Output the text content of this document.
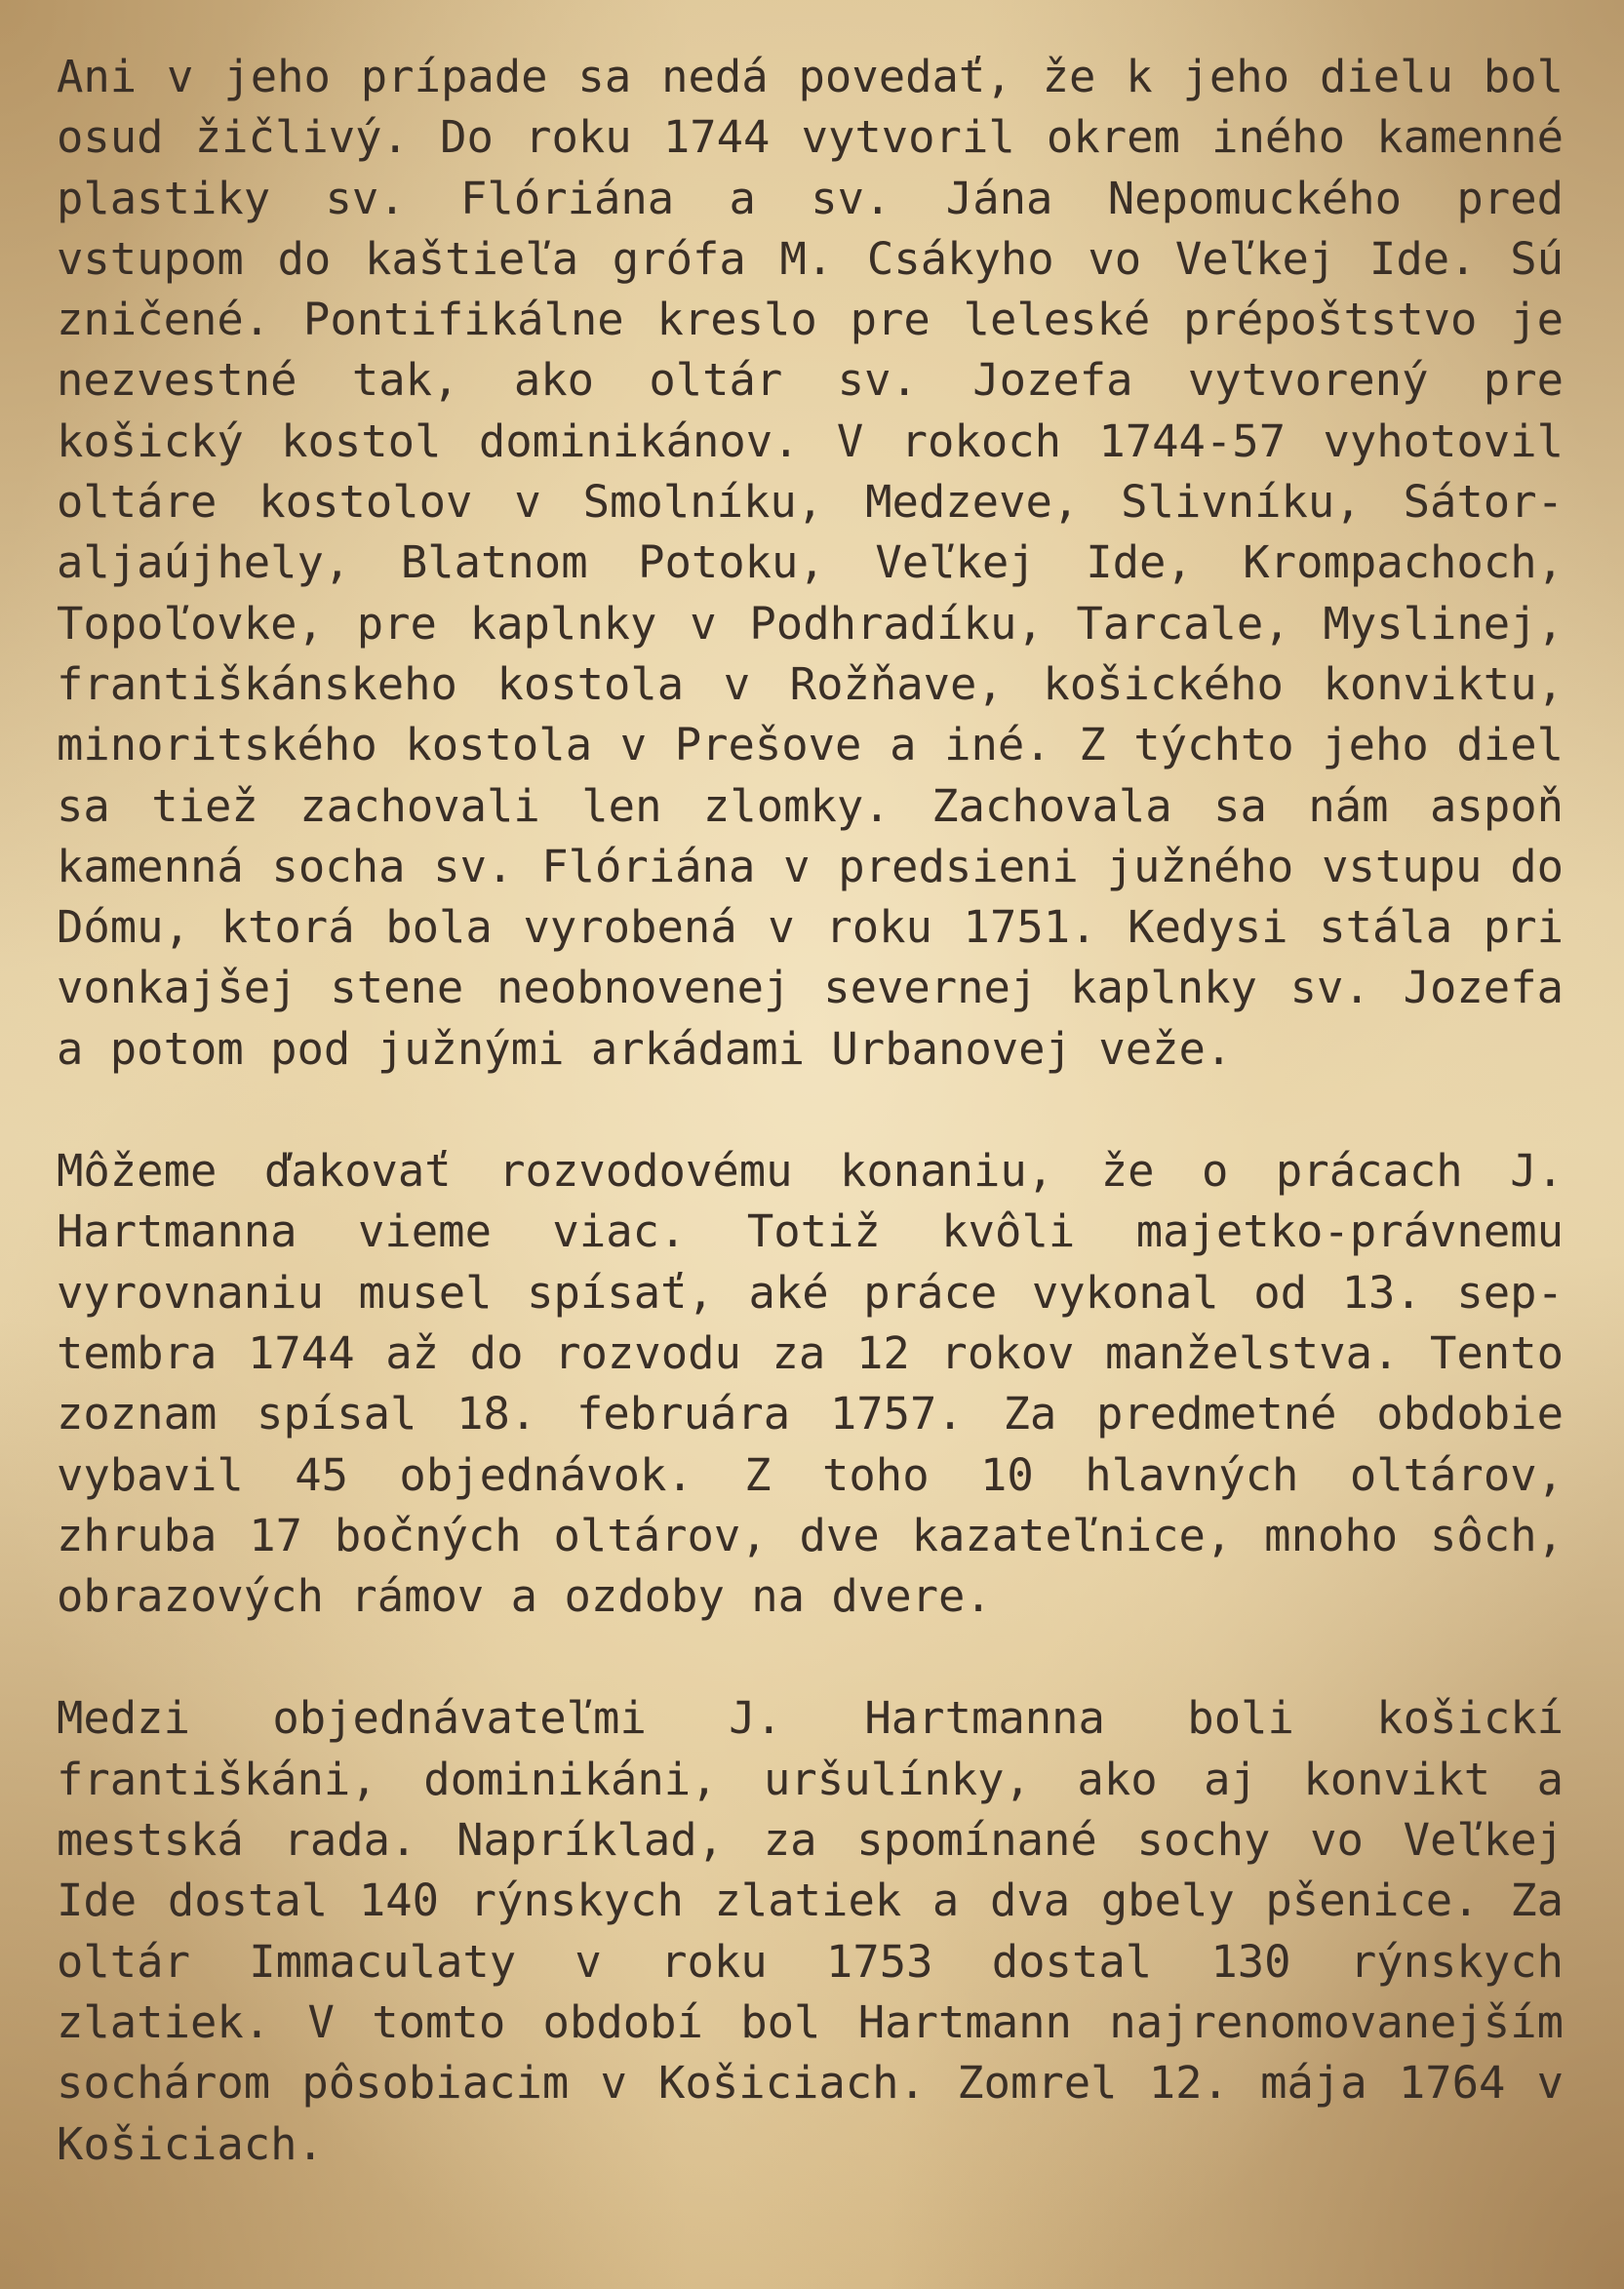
Ani v jeho prípade sa nedá povedať, že k jeho dielu bol osud žičlivý. Do roku 1744 vytvoril okrem iného kamenné plastiky sv. Flóriána a sv. Jána Nepomuckého pred vstupom do kaštieľa grófa M. Csákyho vo Veľkej Ide. Sú zničené. Pontifikálne kreslo pre leleské prépoštstvo je nezvestné tak, ako oltár sv. Jozefa vytvorený pre košický kostol dominikánov. V rokoch 1744-57 vyhotovil oltáre kostolov v Smolníku, Medzeve, Slivníku, Sátoraljaújhely, Blatnom Potoku, Veľkej Ide, Krompachoch, Topoľovke, pre kaplnky v Podhradíku, Tarcale, Myslinej, františkánskeho kostola v Rožňave, košického konviktu, minoritského kostola v Prešove a iné. Z týchto jeho diel sa tiež zachovali len zlomky. Zachovala sa nám aspoň kamenná socha sv. Flóriána v predsieni južného vstupu do Dómu, ktorá bola vyrobená v roku 1751. Kedysi stála pri vonkajšej stene neobnovenej severnej kaplnky sv. Jozefa a potom pod južnými arkádami Urbanovej veže.

Môžeme ďakovať rozvodovému konaniu, že o prácach J. Hartmanna vieme viac. Totiž kvôli majetko-právnemu vyrovnaniu musel spísať, aké práce vykonal od 13. septembra 1744 až do rozvodu za 12 rokov manželstva. Tento zoznam spísal 18. februára 1757. Za predmetné obdobie vybavil 45 objednávok. Z toho 10 hlavných oltárov, zhruba 17 bočných oltárov, dve kazateľnice, mnoho sôch, obrazových rámov a ozdoby na dvere.

Medzi objednávateľmi J. Hartmanna boli košickí františkáni, dominikáni, uršulínky, ako aj konvikt a mestská rada. Napríklad, za spomínané sochy vo Veľkej Ide dostal 140 rýnskych zlatiek a dva gbely pšenice. Za oltár Immaculaty v roku 1753 dostal 130 rýnskych zlatiek. V tomto období bol Hartmann najrenomovanejším sochárom pôsobiacim v Košiciach. Zomrel 12. mája 1764 v Košiciach.
